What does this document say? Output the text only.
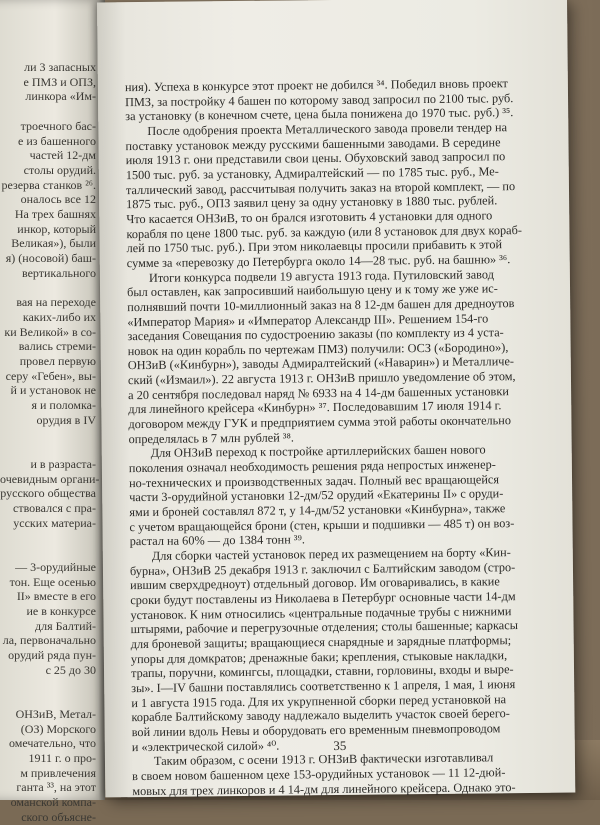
ли 3 запасных
е ПМЗ и ОПЗ,
линкора «Им-

троечного бас-
е из башенного
частей 12-дм
столы орудий.
резерва станков ²⁶.
оналось все 12
На трех башнях
инкор, который
Великая»), были
я) (носовой) баш-
вертикального

вая на переходе
каких-либо их
ки Великой» в со-
вались стреми-
провел первую
серу «Гебен», вы-
й и установок не
я и поломка-
орудия в IV

и в разраста-
очевидным органи-
русского общества
ствовался с пра-
усских материа-

— 3-орудийные
тон. Еще осенью
II» вместе в его
ие в конкурсе
для Балтий-
ла, первоначально
орудий ряда пун-
с 25 до 30

ОНЗиВ, Метал-
(ОЗ) Морского
омечательно, что
1911 г. о про-
м привлечения
ганта ³³, на этот
оманской компа-
ского объясне-
ния). Успеха в конкурсе этот проект не добился ³⁴. Победил вновь проект
ПМЗ, за постройку 4 башен по которому завод запросил по 2100 тыс. руб.
за установку (в конечном счете, цена была понижена до 1970 тыс. руб.) ³⁵.
После одобрения проекта Металлического завода провели тендер на
поставку установок между русскими башенными заводами. В середине
июля 1913 г. они представили свои цены. Обуховский завод запросил по
1500 тыс. руб. за установку, Адмиралтейский — по 1785 тыс. руб., Ме-
таллический завод, рассчитывая получить заказ на второй комплект, — по
1875 тыс. руб., ОПЗ заявил цену за одну установку в 1880 тыс. рублей.
Что касается ОНЗиВ, то он брался изготовить 4 установки для одного
корабля по цене 1800 тыс. руб. за каждую (или 8 установок для двух кораб-
лей по 1750 тыс. руб.). При этом николаевцы просили прибавить к этой
сумме за «перевозку до Петербурга около 14—28 тыс. руб. на башню» ³⁶.
Итоги конкурса подвели 19 августа 1913 года. Путиловский завод
был оставлен, как запросивший наибольшую цену и к тому же уже ис-
полнявший почти 10-миллионный заказ на 8 12-дм башен для дредноутов
«Император Мария» и «Император Александр III». Решением 154-го
заседания Совещания по судостроению заказы (по комплекту из 4 уста-
новок на один корабль по чертежам ПМЗ) получили: ОСЗ («Бородино»),
ОНЗиВ («Кинбурн»), заводы Адмиралтейский («Наварин») и Металличе-
ский («Измаил»). 22 августа 1913 г. ОНЗиВ пришло уведомление об этом,
а 20 сентября последовал наряд № 6933 на 4 14-дм башенных установки
для линейного крейсера «Кинбурн» ³⁷. Последовавшим 17 июля 1914 г.
договором между ГУК и предприятием сумма этой работы окончательно
определялась в 7 млн рублей ³⁸.
Для ОНЗиВ переход к постройке артиллерийских башен нового
поколения означал необходимость решения ряда непростых инженер-
но-технических и производственных задач. Полный вес вращающейся
части 3-орудийной установки 12-дм/52 орудий «Екатерины II» с оруди-
ями и броней составлял 872 т, у 14-дм/52 установки «Кинбурна», также
с учетом вращающейся брони (стен, крыши и подшивки — 485 т) он воз-
растал на 60% — до 1384 тонн ³⁹.
Для сборки частей установок перед их размещением на борту «Кин-
бурна», ОНЗиВ 25 декабря 1913 г. заключил с Балтийским заводом (стро-
ившим сверхдредноут) отдельный договор. Им оговаривались, в какие
сроки будут поставлены из Николаева в Петербург основные части 14-дм
установок. К ним относились «центральные подачные трубы с нижними
штырями, рабочие и перегрузочные отделения; столы башенные; каркасы
для броневой защиты; вращающиеся снарядные и зарядные платформы;
упоры для домкратов; дренажные баки; крепления, стыковые накладки,
трапы, поручни, комингсы, площадки, ставни, горловины, входы и выре-
зы». I—IV башни поставлялись соответственно к 1 апреля, 1 мая, 1 июня
и 1 августа 1915 года. Для их укрупненной сборки перед установкой на
корабле Балтийскому заводу надлежало выделить участок своей берего-
вой линии вдоль Невы и оборудовать его временным пневмопроводом
и «электрической силой» ⁴⁰.
Таким образом, с осени 1913 г. ОНЗиВ фактически изготавливал
в своем новом башенном цехе 153-орудийных установок — 11 12-дюй-
мовых для трех линкоров и 4 14-дм для линейного крейсера. Однако это-
35
